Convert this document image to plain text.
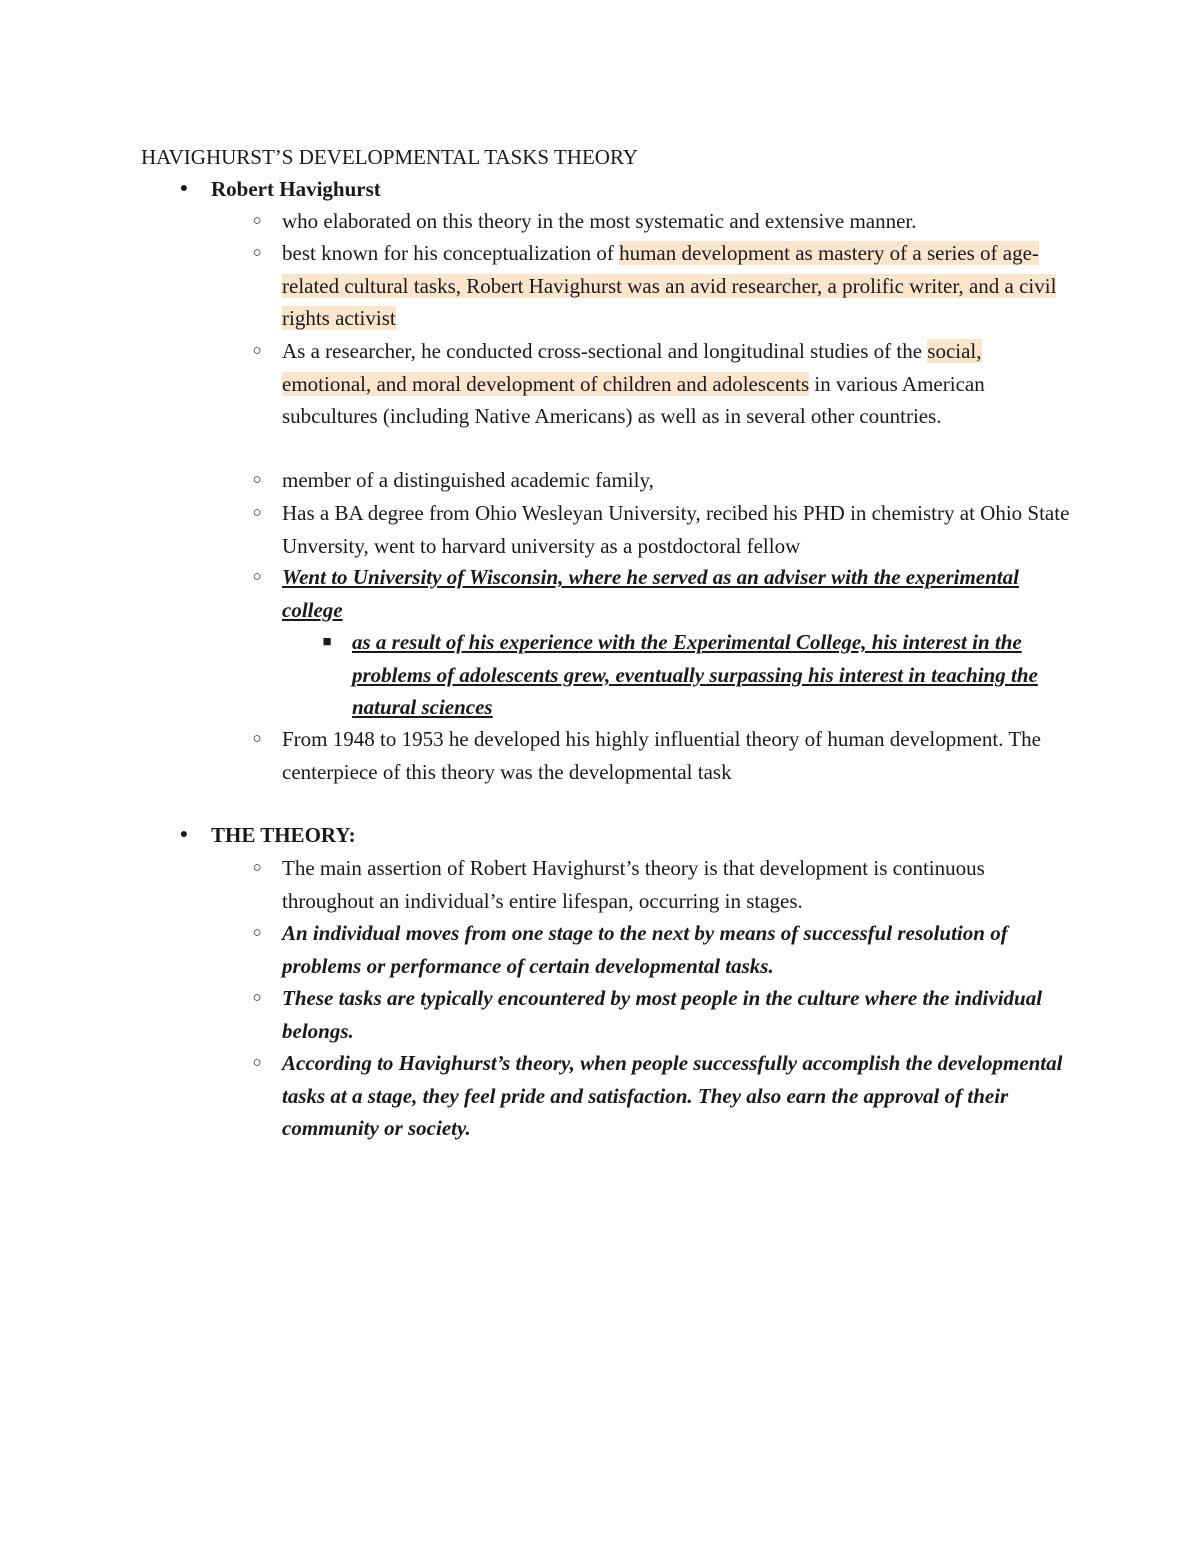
HAVIGHURST’S DEVELOPMENTAL TASKS THEORY
● Robert Havighurst
○ who elaborated on this theory in the most systematic and extensive manner.
○ best known for his conceptualization of human development as mastery of a series of age-related cultural tasks, Robert Havighurst was an avid researcher, a prolific writer, and a civil rights activist
○ As a researcher, he conducted cross-sectional and longitudinal studies of the social, emotional, and moral development of children and adolescents in various American subcultures (including Native Americans) as well as in several other countries.
○ member of a distinguished academic family,
○ Has a BA degree from Ohio Wesleyan University, recibed his PHD in chemistry at Ohio State Unversity, went to harvard university as a postdoctoral fellow
○ Went to University of Wisconsin, where he served as an adviser with the experimental college
■ as a result of his experience with the Experimental College, his interest in the problems of adolescents grew, eventually surpassing his interest in teaching the natural sciences
○ From 1948 to 1953 he developed his highly influential theory of human development. The centerpiece of this theory was the developmental task
● THE THEORY:
○ The main assertion of Robert Havighurst’s theory is that development is continuous throughout an individual’s entire lifespan, occurring in stages.
○ An individual moves from one stage to the next by means of successful resolution of problems or performance of certain developmental tasks.
○ These tasks are typically encountered by most people in the culture where the individual belongs.
○ According to Havighurst’s theory, when people successfully accomplish the developmental tasks at a stage, they feel pride and satisfaction. They also earn the approval of their community or society.
